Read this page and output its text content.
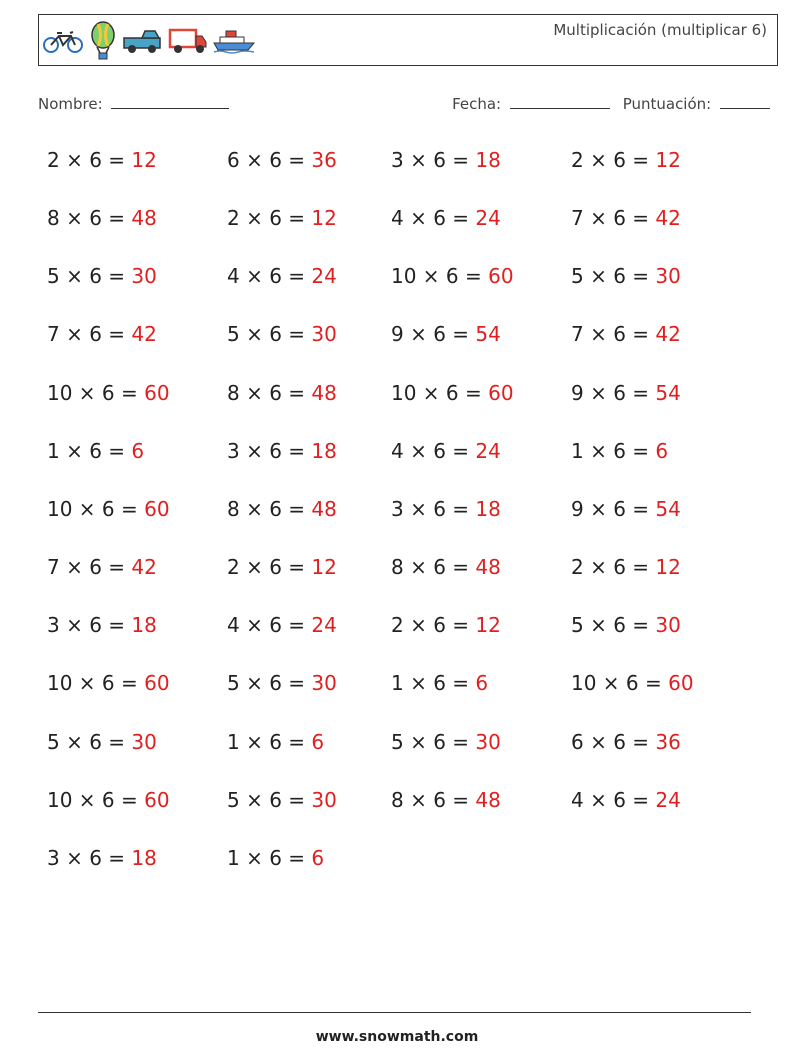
Multiplicación (multiplicar 6)
Nombre:	Fecha:	Puntuación:
2 × 6 = 12	6 × 6 = 36	3 × 6 = 18	2 × 6 = 12
8 × 6 = 48	2 × 6 = 12	4 × 6 = 24	7 × 6 = 42
5 × 6 = 30	4 × 6 = 24	10 × 6 = 60	5 × 6 = 30
7 × 6 = 42	5 × 6 = 30	9 × 6 = 54	7 × 6 = 42
10 × 6 = 60	8 × 6 = 48	10 × 6 = 60	9 × 6 = 54
1 × 6 = 6	3 × 6 = 18	4 × 6 = 24	1 × 6 = 6
10 × 6 = 60	8 × 6 = 48	3 × 6 = 18	9 × 6 = 54
7 × 6 = 42	2 × 6 = 12	8 × 6 = 48	2 × 6 = 12
3 × 6 = 18	4 × 6 = 24	2 × 6 = 12	5 × 6 = 30
10 × 6 = 60	5 × 6 = 30	1 × 6 = 6	10 × 6 = 60
5 × 6 = 30	1 × 6 = 6	5 × 6 = 30	6 × 6 = 36
10 × 6 = 60	5 × 6 = 30	8 × 6 = 48	4 × 6 = 24
3 × 6 = 18	1 × 6 = 6
www.snowmath.com
